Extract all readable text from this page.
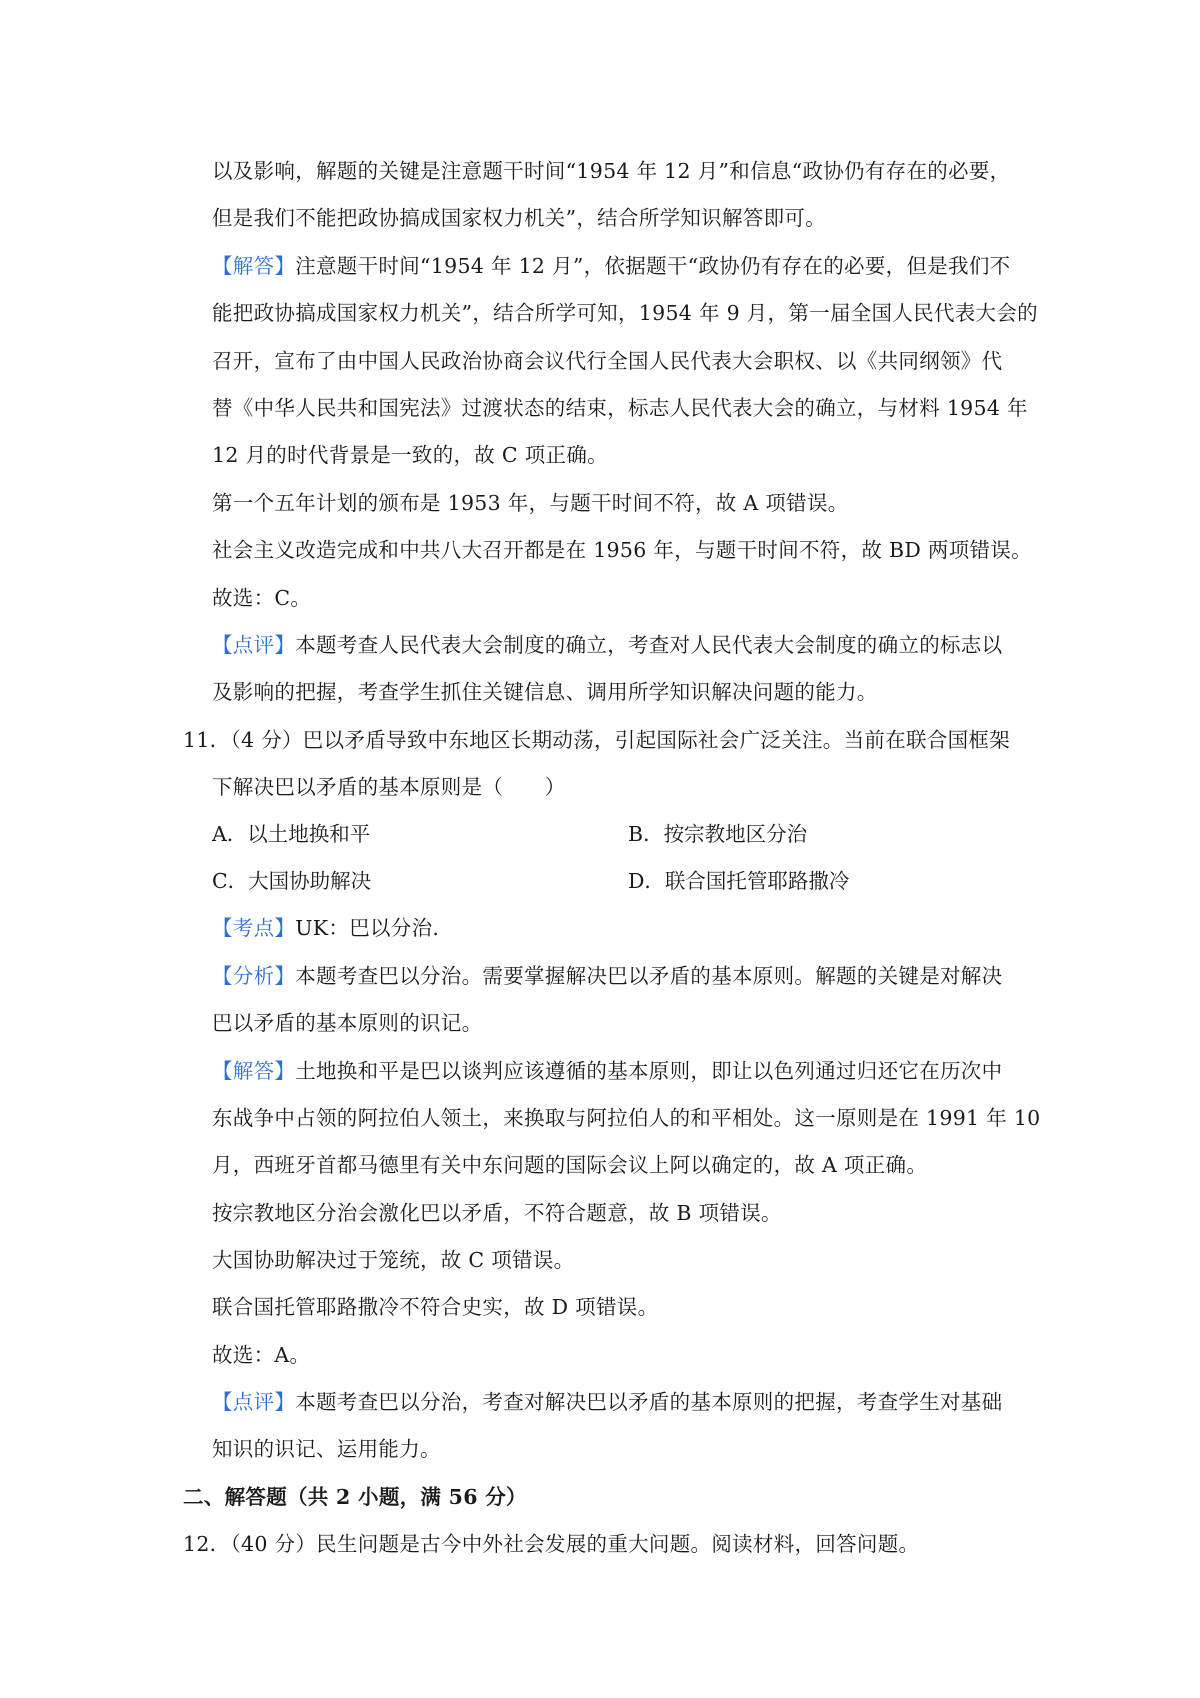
以及影响，解题的关键是注意题干时间“1954 年 12 月”和信息“政协仍有存在的必要，
但是我们不能把政协搞成国家权力机关”，结合所学知识解答即可。
【解答】注意题干时间“1954 年 12 月”，依据题干“政协仍有存在的必要，但是我们不
能把政协搞成国家权力机关”，结合所学可知，1954 年 9 月，第一届全国人民代表大会的
召开，宣布了由中国人民政治协商会议代行全国人民代表大会职权、以《共同纲领》代
替《中华人民共和国宪法》过渡状态的结束，标志人民代表大会的确立，与材料 1954 年
12 月的时代背景是一致的，故 C 项正确。
第一个五年计划的颁布是 1953 年，与题干时间不符，故 A 项错误。
社会主义改造完成和中共八大召开都是在 1956 年，与题干时间不符，故 BD 两项错误。
故选：C。
【点评】本题考查人民代表大会制度的确立，考查对人民代表大会制度的确立的标志以
及影响的把握，考查学生抓住关键信息、调用所学知识解决问题的能力。
11．（4 分）巴以矛盾导致中东地区长期动荡，引起国际社会广泛关注。当前在联合国框架
下解决巴以矛盾的基本原则是（　　）
A．以土地换和平	B．按宗教地区分治
C．大国协助解决	D．联合国托管耶路撒冷
【考点】UK：巴以分治.
【分析】本题考查巴以分治。需要掌握解决巴以矛盾的基本原则。解题的关键是对解决
巴以矛盾的基本原则的识记。
【解答】土地换和平是巴以谈判应该遵循的基本原则，即让以色列通过归还它在历次中
东战争中占领的阿拉伯人领土，来换取与阿拉伯人的和平相处。这一原则是在 1991 年 10
月，西班牙首都马德里有关中东问题的国际会议上阿以确定的，故 A 项正确。
按宗教地区分治会激化巴以矛盾，不符合题意，故 B 项错误。
大国协助解决过于笼统，故 C 项错误。
联合国托管耶路撒冷不符合史实，故 D 项错误。
故选：A。
【点评】本题考查巴以分治，考查对解决巴以矛盾的基本原则的把握，考查学生对基础
知识的识记、运用能力。
二、解答题（共 2 小题，满 56 分）
12．（40 分）民生问题是古今中外社会发展的重大问题。阅读材料，回答问题。
